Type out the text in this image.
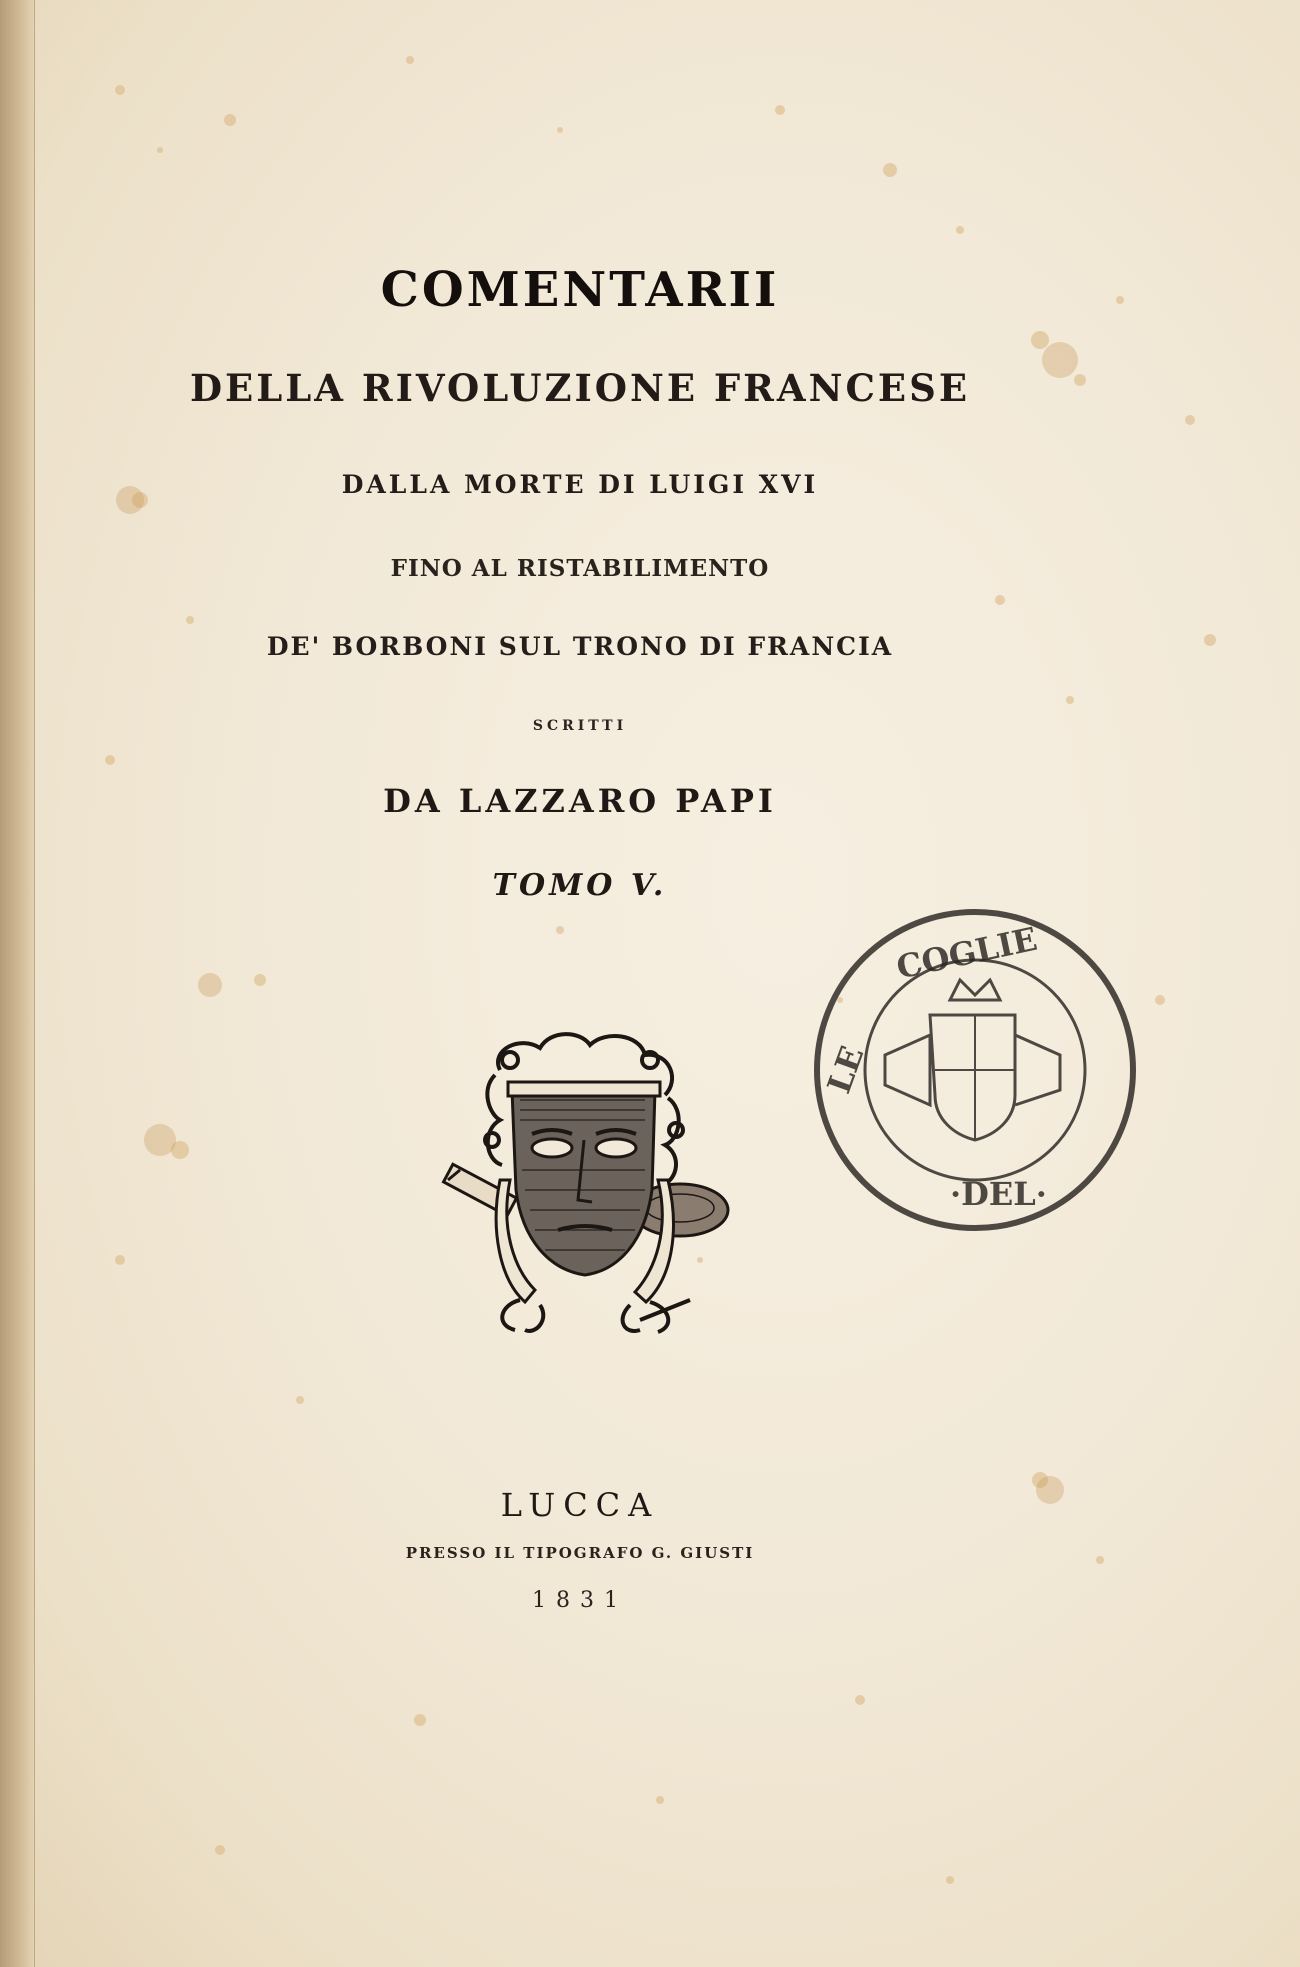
COMENTARII
DELLA RIVOLUZIONE FRANCESE
DALLA MORTE DI LUIGI XVI
FINO AL RISTABILIMENTO
DE' BORBONI SUL TRONO DI FRANCIA
SCRITTI
DA LAZZARO PAPI
TOMO V.
COGLIE
LE
·DEL·
LUCCA
PRESSO IL TIPOGRAFO G. GIUSTI
1831
